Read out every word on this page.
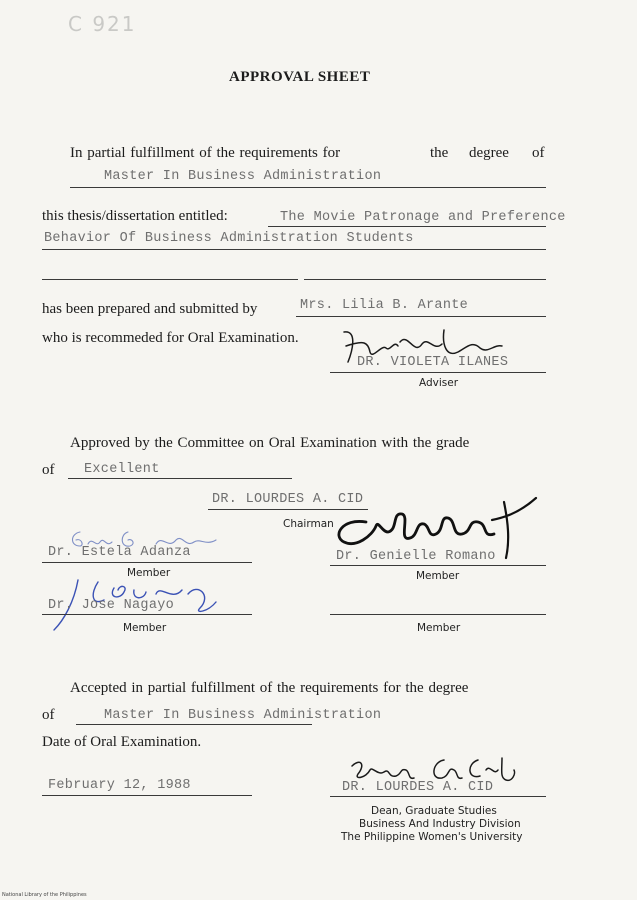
C 921
APPROVAL SHEET
In partial fulfillment of the requirements for	the degree of
Master In Business Administration
this thesis/dissertation entitled:	The Movie Patronage and Preference
Behavior Of Business Administration Students
has been prepared and submitted by	Mrs. Lilia B. Arante
who is recommeded for Oral Examination.
DR. VIOLETA ILANES
Adviser
Approved by the Committee on Oral Examination with the grade
of Excellent
DR. LOURDES A. CID
Chairman
Dr. Estela Adanza
Member
Dr. Genielle Romano
Member
Dr. Jose Nagayo
Member	Member
Accepted in partial fulfillment of the requirements for the degree
of	Master In Business Administration
Date of Oral Examination.
February 12, 1988	DR. LOURDES A. CID
Dean, Graduate Studies
Business And Industry Division
The Philippine Women's University
National Library of the Philippines
